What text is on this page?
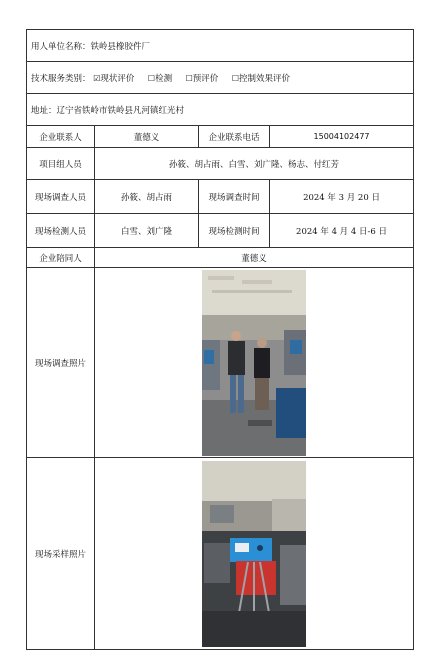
用人单位名称：铁岭县橡胶件厂			
技术服务类别： ☑现状评价 ☐检测 ☐预评价 ☐控制效果评价			
地址：辽宁省铁岭市铁岭县凡河镇红光村			
企业联系人	董德义	企业联系电话	15004102477
项目组人员	孙筱、胡占雨、白雪、刘广隆、杨志、付红芳		
现场调查人员	孙筱、胡占雨	现场调查时间	2024 年 3 月 20 日
现场检测人员	白雪、刘广隆	现场检测时间	2024 年 4 月 4 日-6 日
企业陪同人	董德义		
现场调查照片	

现场采样照片	
